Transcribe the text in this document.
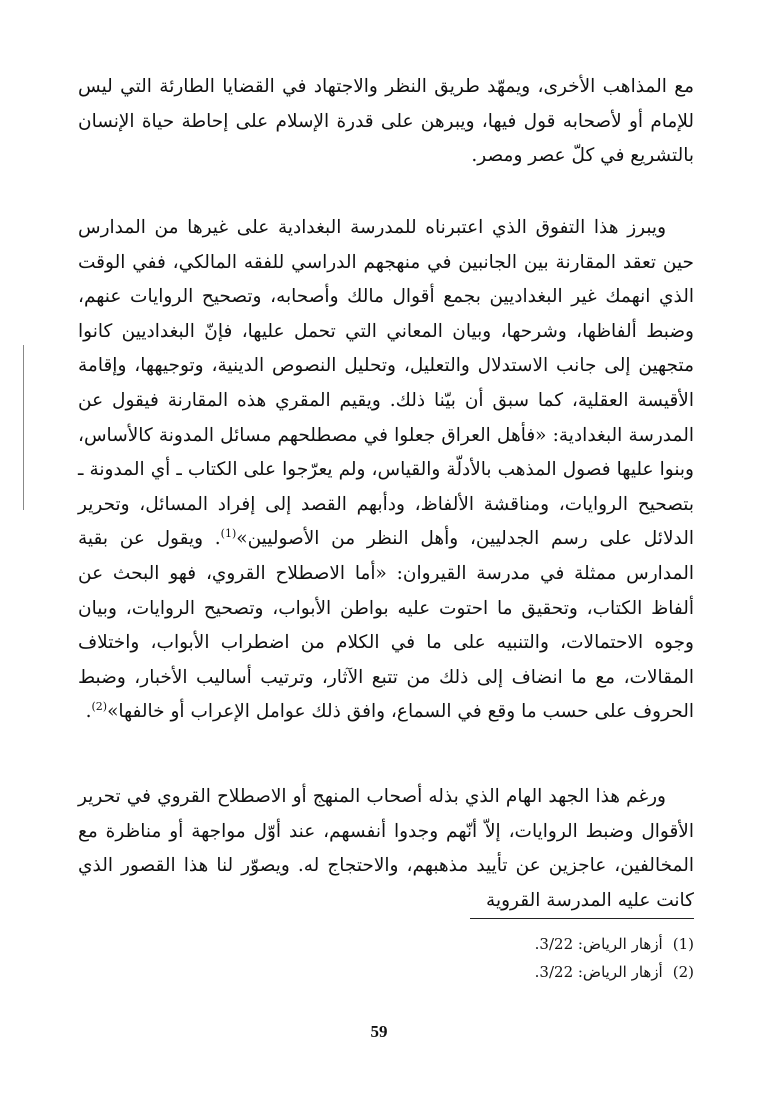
مع المذاهب الأخرى، ويمهّد طريق النظر والاجتهاد في القضايا الطارئة التي ليس للإمام أو لأصحابه قول فيها، ويبرهن على قدرة الإسلام على إحاطة حياة الإنسان بالتشريع في كلّ عصر ومصر.

ويبرز هذا التفوق الذي اعتبرناه للمدرسة البغدادية على غيرها من المدارس حين تعقد المقارنة بين الجانبين في منهجهم الدراسي للفقه المالكي، ففي الوقت الذي انهمك غير البغداديين بجمع أقوال مالك وأصحابه، وتصحيح الروايات عنهم، وضبط ألفاظها، وشرحها، وبيان المعاني التي تحمل عليها، فإنّ البغداديين كانوا متجهين إلى جانب الاستدلال والتعليل، وتحليل النصوص الدينية، وتوجيهها، وإقامة الأقيسة العقلية، كما سبق أن بيّنا ذلك. ويقيم المقري هذه المقارنة فيقول عن المدرسة البغدادية: «فأهل العراق جعلوا في مصطلحهم مسائل المدونة كالأساس، وبنوا عليها فصول المذهب بالأدلّة والقياس، ولم يعرّجوا على الكتاب ـ أي المدونة ـ بتصحيح الروايات، ومناقشة الألفاظ، ودأبهم القصد إلى إفراد المسائل، وتحرير الدلائل على رسم الجدليين، وأهل النظر من الأصوليين»$^{(1)}$. ويقول عن بقية المدارس ممثلة في مدرسة القيروان: «أما الاصطلاح القروي، فهو البحث عن ألفاظ الكتاب، وتحقيق ما احتوت عليه بواطن الأبواب، وتصحيح الروايات، وبيان وجوه الاحتمالات، والتنبيه على ما في الكلام من اضطراب الأبواب، واختلاف المقالات، مع ما انضاف إلى ذلك من تتبع الآثار، وترتيب أساليب الأخبار، وضبط الحروف على حسب ما وقع في السماع، وافق ذلك عوامل الإعراب أو خالفها»$^{(2)}$.

ورغم هذا الجهد الهام الذي بذله أصحاب المنهج أو الاصطلاح القروي في تحرير الأقوال وضبط الروايات، إلاّ أنّهم وجدوا أنفسهم، عند أوّل مواجهة أو مناظرة مع المخالفين، عاجزين عن تأييد مذهبهم، والاحتجاج له. ويصوّر لنا هذا القصور الذي كانت عليه المدرسة القروية

(1)أزهار الرياض: 3/22.
(2)أزهار الرياض: 3/22.
59
